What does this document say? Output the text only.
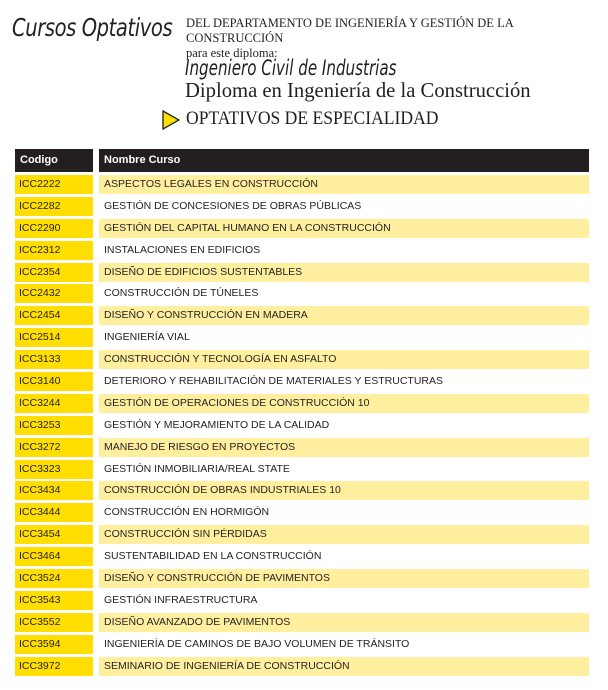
Cursos Optativos DEL DEPARTAMENTO DE INGENIERÍA Y GESTIÓN DE LA CONSTRUCCIÓN
para este diploma:
Ingeniero Civil de Industrias
Diploma en Ingeniería de la Construcción
OPTATIVOS DE ESPECIALIDAD
Codigo	Nombre Curso
ICC2222	ASPECTOS LEGALES EN CONSTRUCCIÓN
ICC2282	GESTIÓN DE CONCESIONES DE OBRAS PÚBLICAS
ICC2290	GESTIÓN DEL CAPITAL HUMANO EN LA CONSTRUCCIÓN
ICC2312	INSTALACIONES EN EDIFICIOS
ICC2354	DISEÑO DE EDIFICIOS SUSTENTABLES
ICC2432	CONSTRUCCIÓN DE TÚNELES
ICC2454	DISEÑO Y CONSTRUCCIÓN EN MADERA
ICC2514	INGENIERÍA VIAL
ICC3133	CONSTRUCCIÓN Y TECNOLOGÍA EN ASFALTO
ICC3140	DETERIORO Y REHABILITACIÓN DE MATERIALES Y ESTRUCTURAS
ICC3244	GESTIÓN DE OPERACIONES DE CONSTRUCCIÓN 10
ICC3253	GESTIÓN Y MEJORAMIENTO DE LA CALIDAD
ICC3272	MANEJO DE RIESGO EN PROYECTOS
ICC3323	GESTIÓN INMOBILIARIA/REAL STATE
ICC3434	CONSTRUCCIÓN DE OBRAS INDUSTRIALES 10
ICC3444	CONSTRUCCIÓN EN HORMIGÓN
ICC3454	CONSTRUCCIÓN SIN PÉRDIDAS
ICC3464	SUSTENTABILIDAD EN LA CONSTRUCCIÓN
ICC3524	DISEÑO Y CONSTRUCCIÓN DE PAVIMENTOS
ICC3543	GESTIÓN INFRAESTRUCTURA
ICC3552	DISEÑO AVANZADO DE PAVIMENTOS
ICC3594	INGENIERÍA DE CAMINOS DE BAJO VOLUMEN DE TRÁNSITO
ICC3972	SEMINARIO DE INGENIERÍA DE CONSTRUCCIÓN
